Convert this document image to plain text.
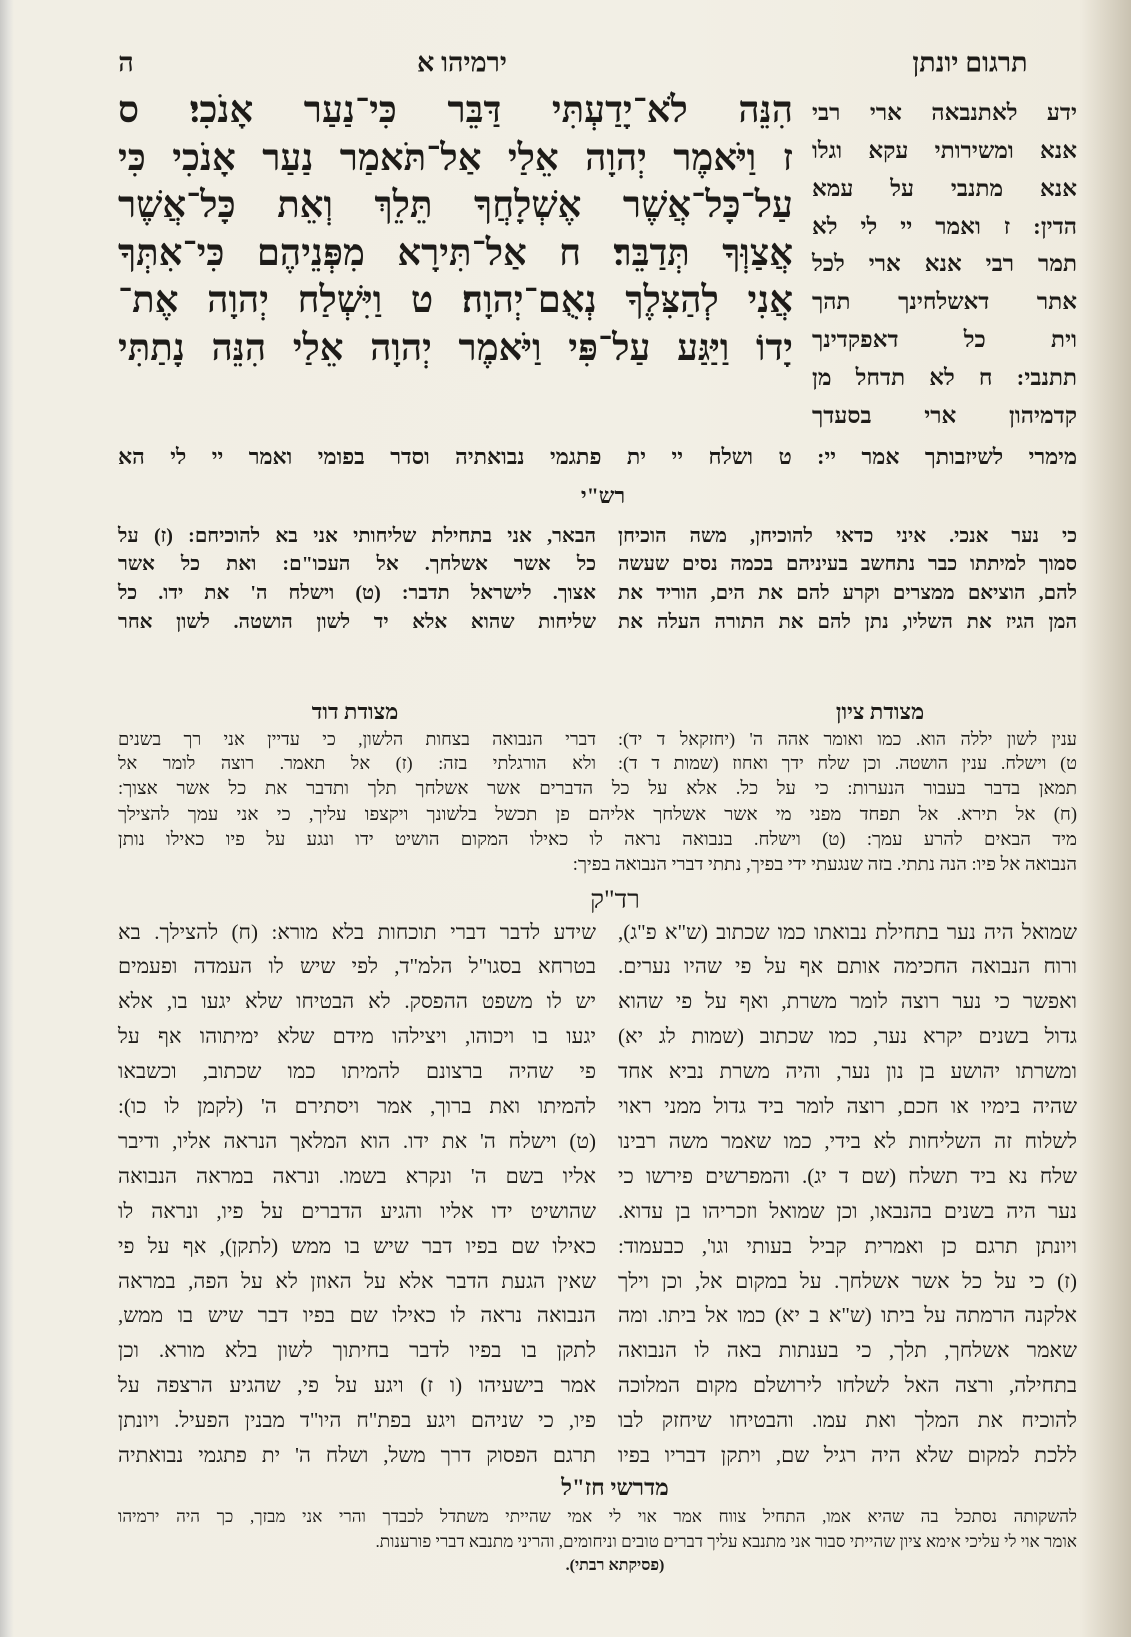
ה	ירמיהו א	תרגום יונתן
הִנֵּה לֹא־יָדַעְתִּי דַּבֵּר כִּי־נַעַר אָנֹכִי׃ ס
ז וַיֹּאמֶר יְהוָה אֵלַי אַל־תֹּאמַר נַעַר אָנֹכִי כִּי
עַל־כָּל־אֲשֶׁר אֶשְׁלָחֲךָ תֵּלֵךְ וְאֵת כָּל־אֲשֶׁר
אֲצַוְּךָ תְּדַבֵּר׃ ח אַל־תִּירָא מִפְּנֵיהֶם כִּי־אִתְּךָ
אֲנִי לְהַצִּלֶךָ נְאֻם־יְהוָה׃ ט וַיִּשְׁלַח יְהוָה אֶת־
יָדוֹ וַיַּגַּע עַל־פִּי וַיֹּאמֶר יְהוָה אֵלַי הִנֵּה נָתַתִּי
ידע לאתנבאה ארי רבי
אנא ומשירותי עקא וגלו
אנא מתנבי על עמא
הדין: ז ואמר יי לי לא
תמר רבי אנא ארי לכל
אתר דאשלחינך תהך
וית כל דאפקדינך
תתנבי: ח לא תדחל מן
קדמיהון ארי בסעדך
מימרי לשיזבותך אמר יי: ט ושלח יי ית פתגמי נבואתיה וסדר בפומי ואמר יי לי הא
רש"י
כי נער אנכי. איני כדאי להוכיחן, משה הוכיחן
סמוך למיתתו כבר נתחשב בעיניהם בכמה נסים שעשה
להם, הוציאם ממצרים וקרע להם את הים, הוריד את
המן הגיז את השליו, נתן להם את התורה העלה את
הבאר, אני בתחילת שליחותי אני בא להוכיחם: (ז) על
כל אשר אשלחך. אל העכו"ם: ואת כל אשר
אצוך. לישראל תדבר: (ט) וישלח ה' את ידו. כל
שליחות שהוא אלא יד לשון הושטה. לשון אחר
מצודת ציון
מצודת דוד
ענין לשון יללה הוא. כמו ואומר אהה ה' (יחזקאל ד יד):
ט) וישלח. ענין הושטה. וכן שלח ידך ואחוז (שמות ד ד):
דברי הנבואה בצחות הלשון, כי עדיין אני רך בשנים
ולא הורגלתי בזה: (ז) אל תאמר. רוצה לומר אל
תמאן בדבר בעבור הנערות: כי על כל. אלא על כל הדברים אשר אשלחך תלך ותדבר את כל אשר אצוך:
(ח) אל תירא. אל תפחד מפני מי אשר אשלחך אליהם פן תכשל בלשונך ויקצפו עליך, כי אני עמך להצילך
מיד הבאים להרע עמך: (ט) וישלח. בנבואה נראה לו כאילו המקום הושיט ידו ונגע על פיו כאילו נותן
הנבואה אל פיו: הנה נתתי. בזה שנגעתי ידי בפיך, נתתי דברי הנבואה בפיך:
רד"ק
שמואל היה נער בתחילת נבואתו כמו שכתוב (ש"א פ"ג),
ורוח הנבואה החכימה אותם אף על פי שהיו נערים.
ואפשר כי נער רוצה לומר משרת, ואף על פי שהוא
גדול בשנים יקרא נער, כמו שכתוב (שמות לג יא)
ומשרתו יהושע בן נון נער, והיה משרת נביא אחד
שהיה בימיו או חכם, רוצה לומר ביד גדול ממני ראוי
לשלוח זה השליחות לא בידי, כמו שאמר משה רבינו
שלח נא ביד תשלח (שם ד יג). והמפרשים פירשו כי
נער היה בשנים בהנבאו, וכן שמואל וזכריהו בן עדוא.
ויונתן תרגם כן ואמרית קביל בעותי וגו', כבעמוד:
(ז) כי על כל אשר אשלחך. על במקום אל, וכן וילך
אלקנה הרמתה על ביתו (ש"א ב יא) כמו אל ביתו. ומה
שאמר אשלחך, תלך, כי בענתות באה לו הנבואה
בתחילה, ורצה האל לשלחו לירושלם מקום המלוכה
להוכיח את המלך ואת עמו. והבטיחו שיחזק לבו
ללכת למקום שלא היה רגיל שם, ויתקן דבריו בפיו
שידע לדבר דברי תוכחות בלא מורא: (ח) להצילך. בא
בטרחא בסגו"ל הלמ"ד, לפי שיש לו העמדה ופעמים
יש לו משפט ההפסק. לא הבטיחו שלא יגעו בו, אלא
יגעו בו ויכוהו, ויצילהו מידם שלא ימיתוהו אף על
פי שהיה ברצונם להמיתו כמו שכתוב, וכשבאו
להמיתו ואת ברוך, אמר ויסתירם ה' (לקמן לו כו):
(ט) וישלח ה' את ידו. הוא המלאך הנראה אליו, ודיבר
אליו בשם ה' ונקרא בשמו. ונראה במראה הנבואה
שהושיט ידו אליו והגיע הדברים על פיו, ונראה לו
כאילו שם בפיו דבר שיש בו ממש (לתקן), אף על פי
שאין הגעת הדבר אלא על האוזן לא על הפה, במראה
הנבואה נראה לו כאילו שם בפיו דבר שיש בו ממש,
לתקן בו בפיו לדבר בחיתוך לשון בלא מורא. וכן
אמר בישעיהו (ו ז) ויגע על פי, שהגיע הרצפה על
פיו, כי שניהם ויגע בפת"ח היו"ד מבנין הפעיל. ויונתן
תרגם הפסוק דרך משל, ושלח ה' ית פתגמי נבואתיה
מדרשי חז"ל
להשקותה נסתכל בה שהיא אמו, התחיל צווח אמר אוי לי אמי שהייתי משתדל לכבדך והרי אני מבזך, כך היה ירמיהו
אומר אוי לי עליכי אימא ציון שהייתי סבור אני מתנבא עליך דברים טובים וניחומים, והריני מתנבא דברי פורענות.
(פסיקתא רבתי).
